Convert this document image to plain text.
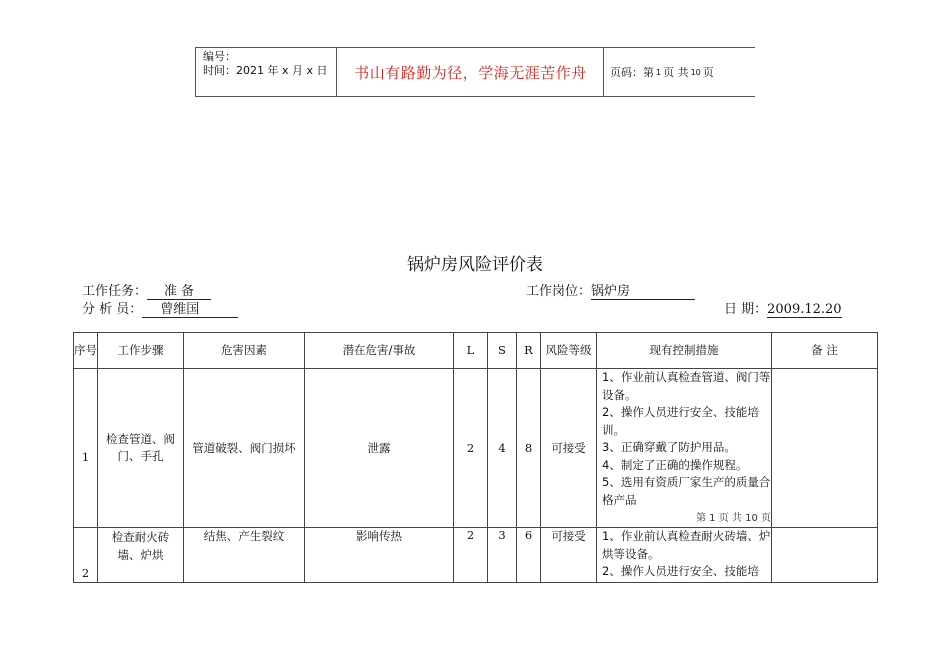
编号：
时间：2021 年 x 月 x 日	书山有路勤为径，学海无涯苦作舟	页码：第 1 页 共 10 页
锅炉房风险评价表
工作任务： 准 备	工作岗位：锅炉房
分 析 员： 曾维国	日 期：2009.12.20
序号	工作步骤	危害因素	潜在危害/事故	L	S	R	风险等级	现有控制措施	备 注
1	检查管道、阀门、手孔	管道破裂、阀门损坏	泄露	2	4	8	可接受	1、作业前认真检查管道、阀门等设备。
2、操作人员进行安全、技能培训。
3、正确穿戴了防护用品。
4、制定了正确的操作规程。
5、选用有资质厂家生产的质量合格产品	

2	检查耐火砖墙、炉烘	结焦、产生裂纹	影响传热	2	3	6	可接受	1、作业前认真检查耐火砖墙、炉烘等设备。
2、操作人员进行安全、技能培	

第 1 页 共 10 页
